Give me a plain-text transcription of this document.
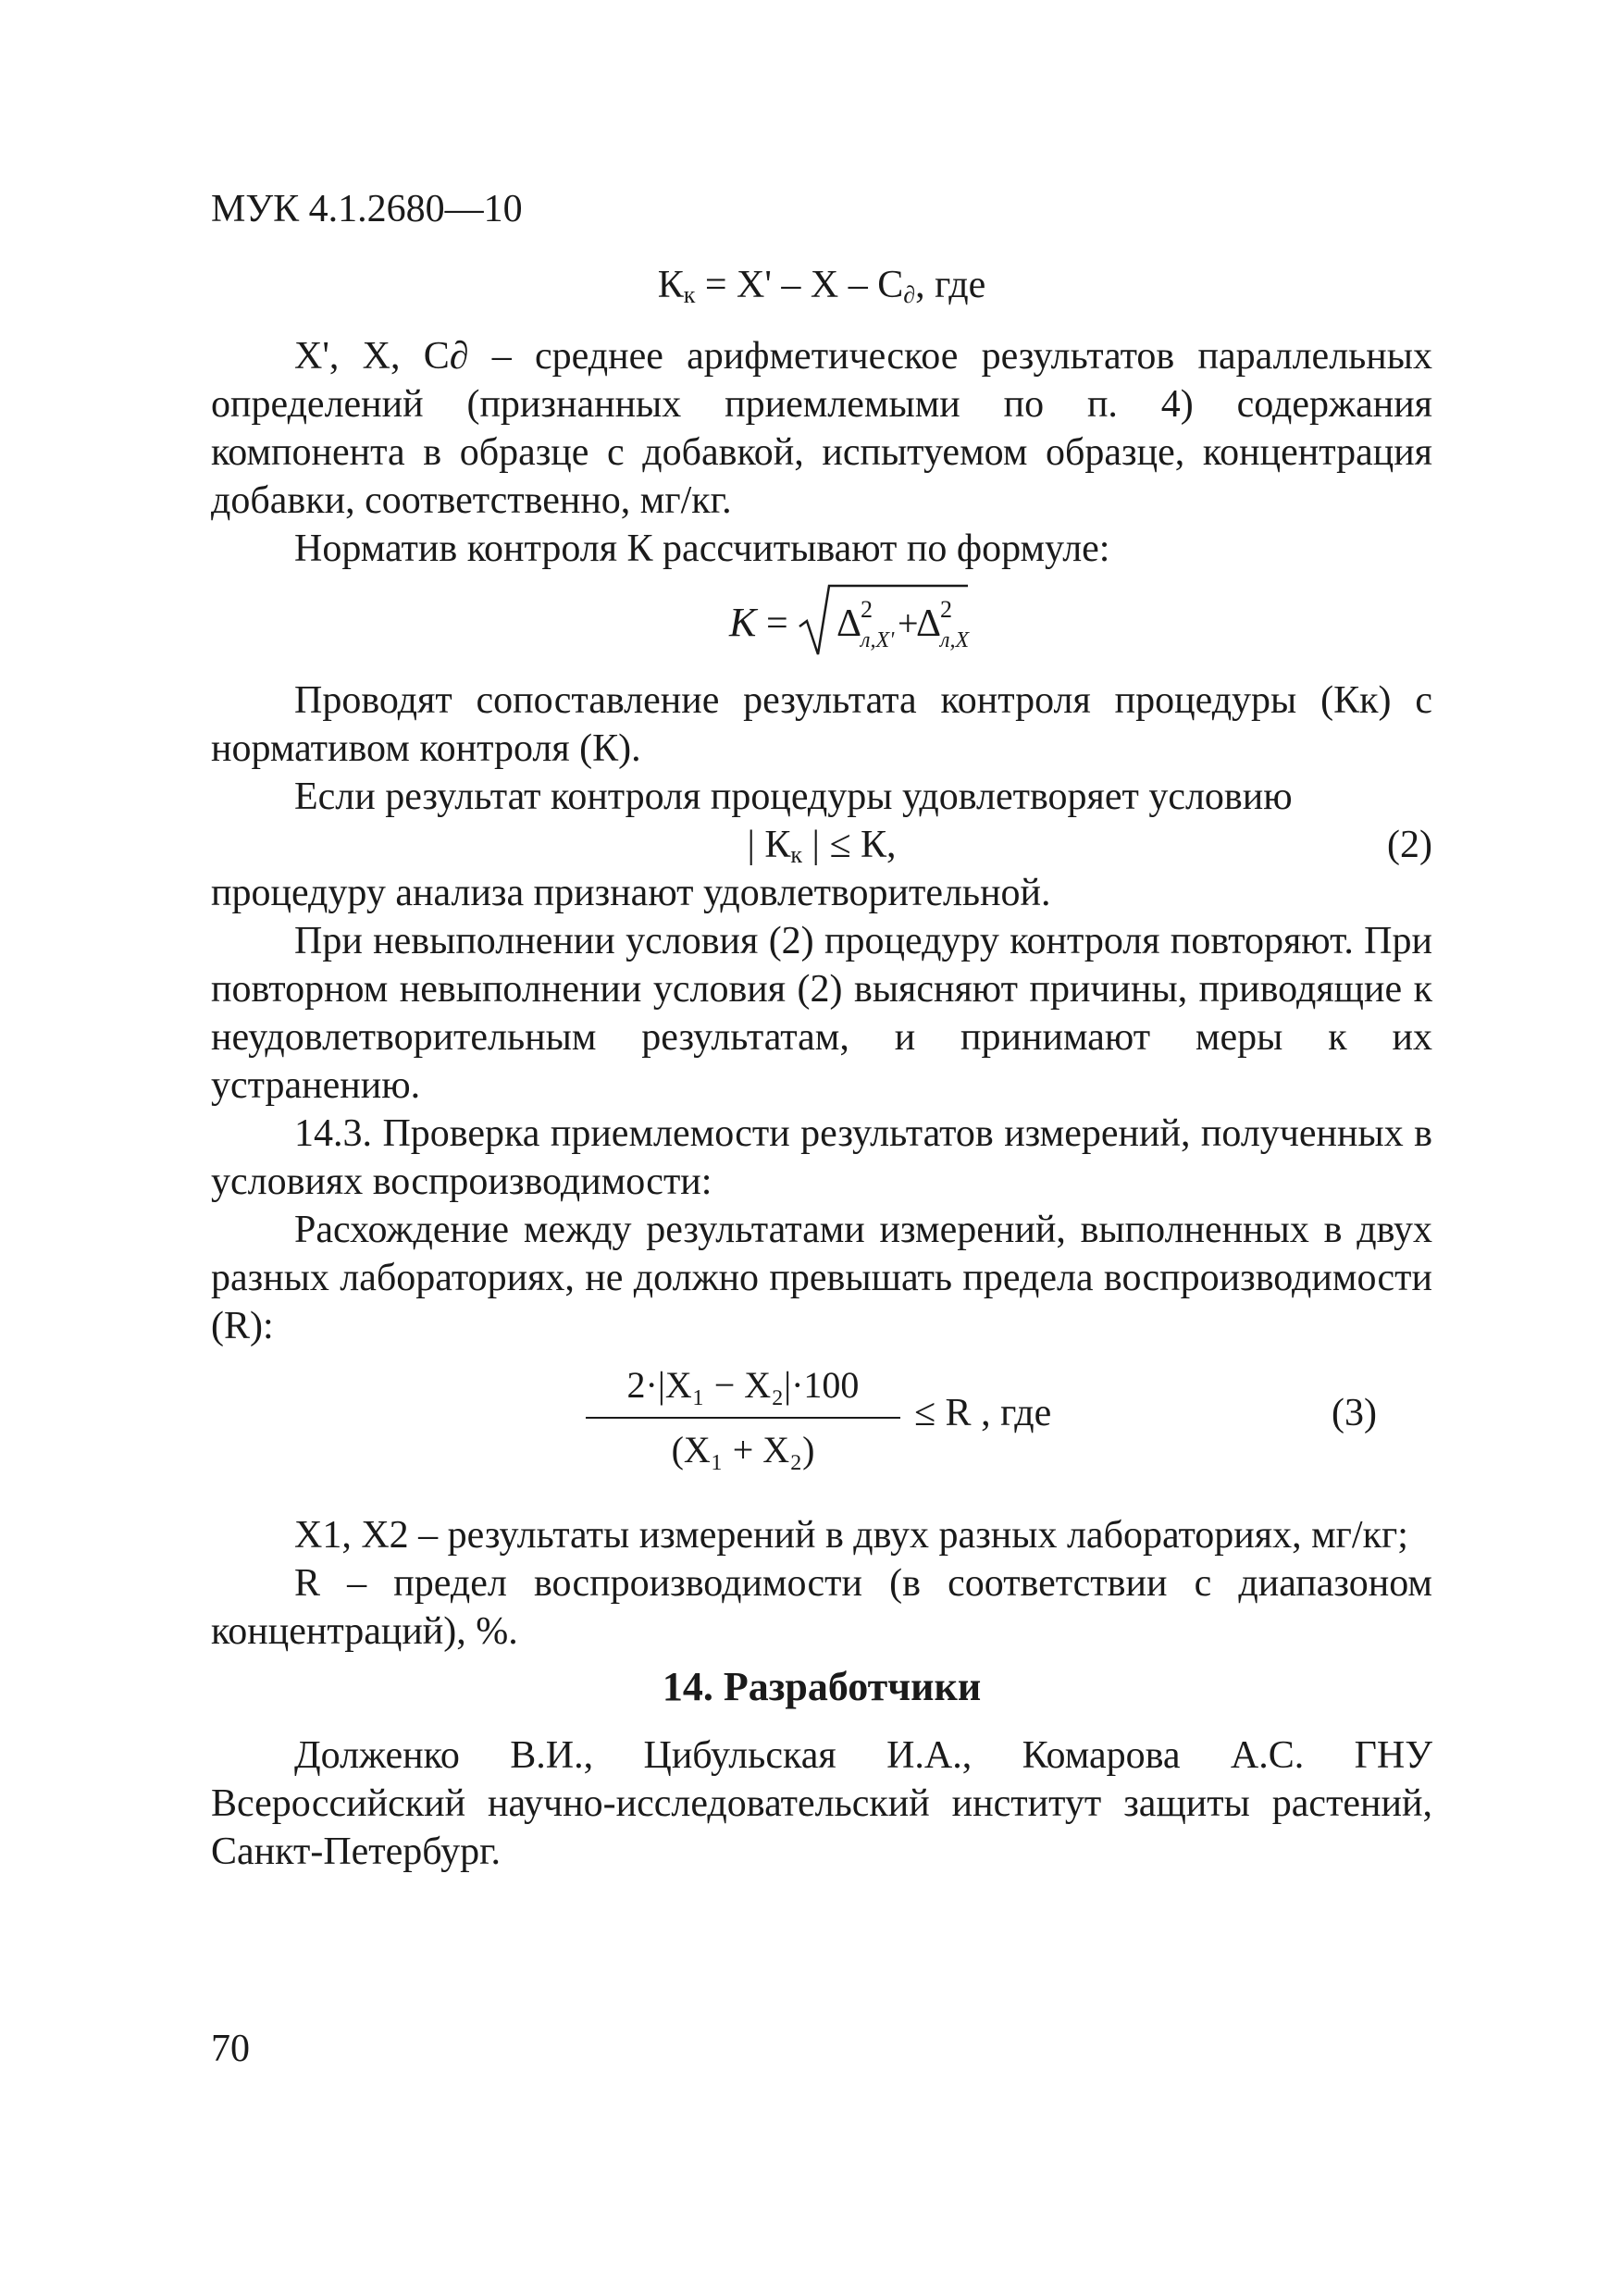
МУК 4.1.2680—10

$К_к = X' - X - C_\partial$, где

X', X, C∂ – среднее арифметическое результатов параллельных определений (признанных приемлемыми по п. 4) содержания компонента в образце с добавкой, испытуемом образце, концентрация добавки, соответственно, мг/кг.

Норматив контроля К рассчитывают по формуле:

K = Δ
2
л,X' +
Δ
2
л,X

Проводят сопоставление результата контроля процедуры (Кк) с нормативом контроля (К).

Если результат контроля процедуры удовлетворяет условию

| $К_к$ | ≤ К,	(2)

процедуру анализа признают удовлетворительной.

При невыполнении условия (2) процедуру контроля повторяют. При повторном невыполнении условия (2) выясняют причины, приводящие к неудовлетворительным результатам, и принимают меры к их устранению.

14.3. Проверка приемлемости результатов измерений, полученных в условиях воспроизводимости:

Расхождение между результатами измерений, выполненных в двух разных лабораториях, не должно превышать предела воспроизводимости (R):

2·|X₁ − X₂|·100
(X₁ + X₂)
≤ R , где	(3)

X1, X2 – результаты измерений в двух разных лабораториях, мг/кг;

R – предел воспроизводимости (в соответствии с диапазоном концентраций), %.

14. Разработчики

Долженко В.И., Цибульская И.А., Комарова А.С. ГНУ Всероссийский научно-исследовательский институт защиты растений, Санкт-Петербург.

70
